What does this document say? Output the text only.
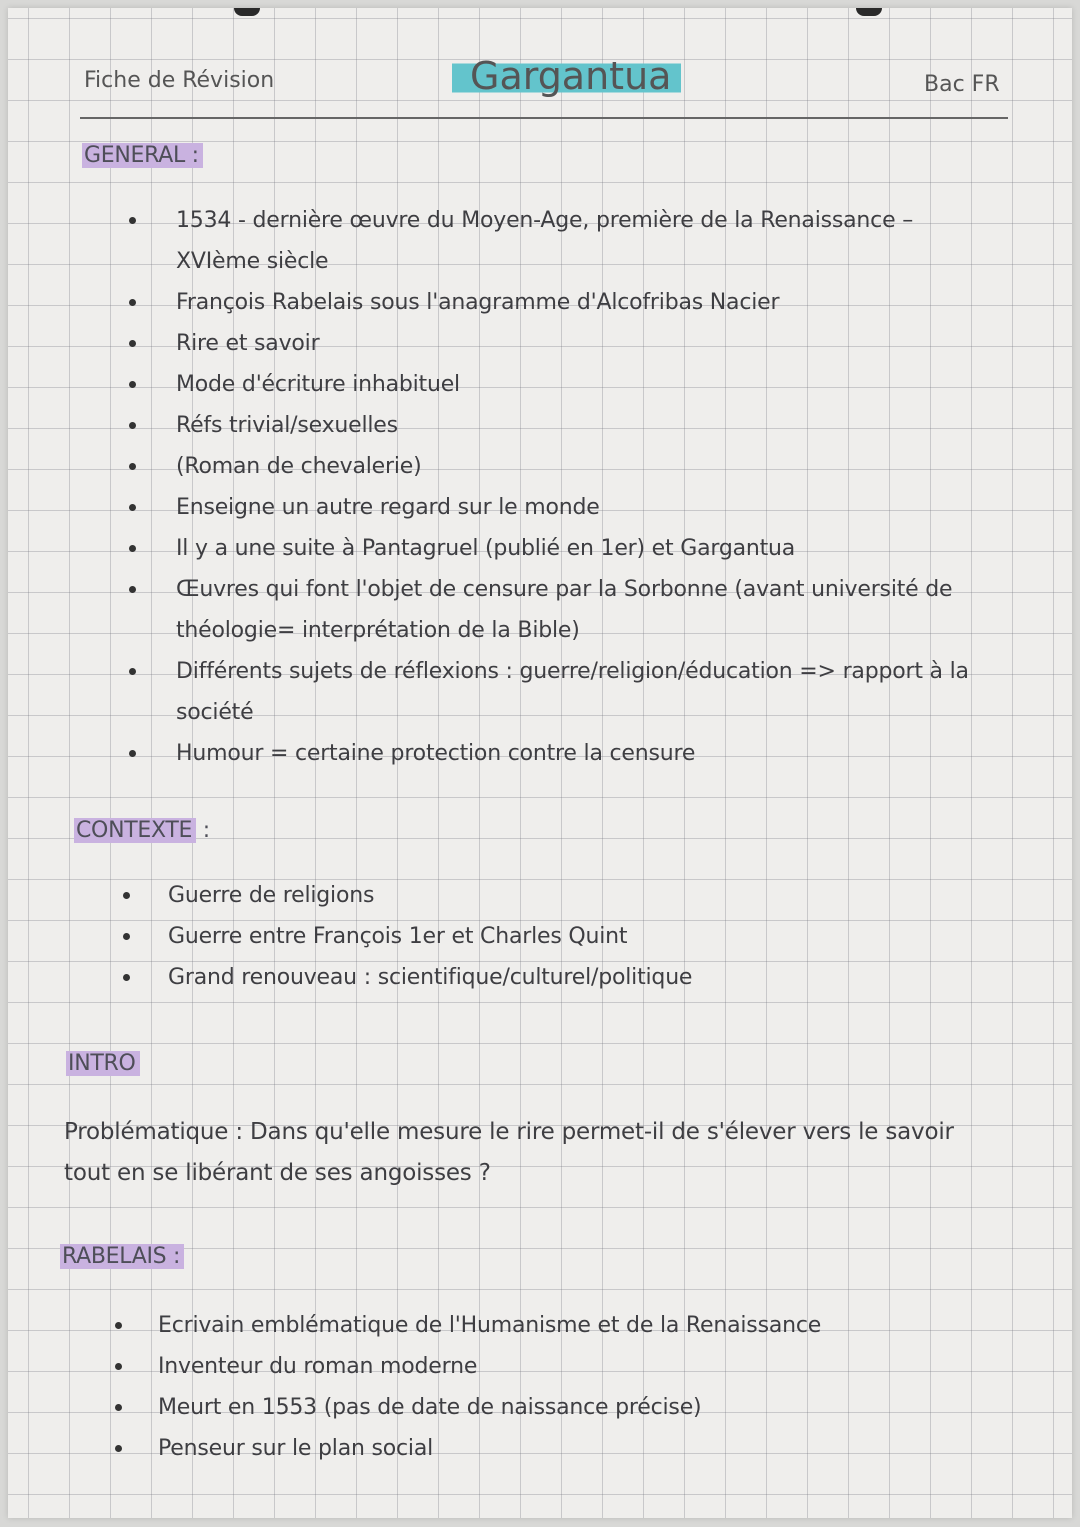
Fiche de Révision	Gargantua	Bac FR
GENERAL :
1534 - dernière œuvre du Moyen-Age, première de la Renaissance – XVIème siècle
François Rabelais sous l'anagramme d'Alcofribas Nacier
Rire et savoir
Mode d'écriture inhabituel
Réfs trivial/sexuelles
(Roman de chevalerie)
Enseigne un autre regard sur le monde
Il y a une suite à Pantagruel (publié en 1er) et Gargantua
Œuvres qui font l'objet de censure par la Sorbonne (avant université de théologie= interprétation de la Bible)
Différents sujets de réflexions : guerre/religion/éducation => rapport à la société
Humour = certaine protection contre la censure
CONTEXTE :
Guerre de religions
Guerre entre François 1er et Charles Quint
Grand renouveau : scientifique/culturel/politique
INTRO
Problématique : Dans qu'elle mesure le rire permet-il de s'élever vers le savoir tout en se libérant de ses angoisses ?
RABELAIS :
Ecrivain emblématique de l'Humanisme et de la Renaissance
Inventeur du roman moderne
Meurt en 1553 (pas de date de naissance précise)
Penseur sur le plan social
